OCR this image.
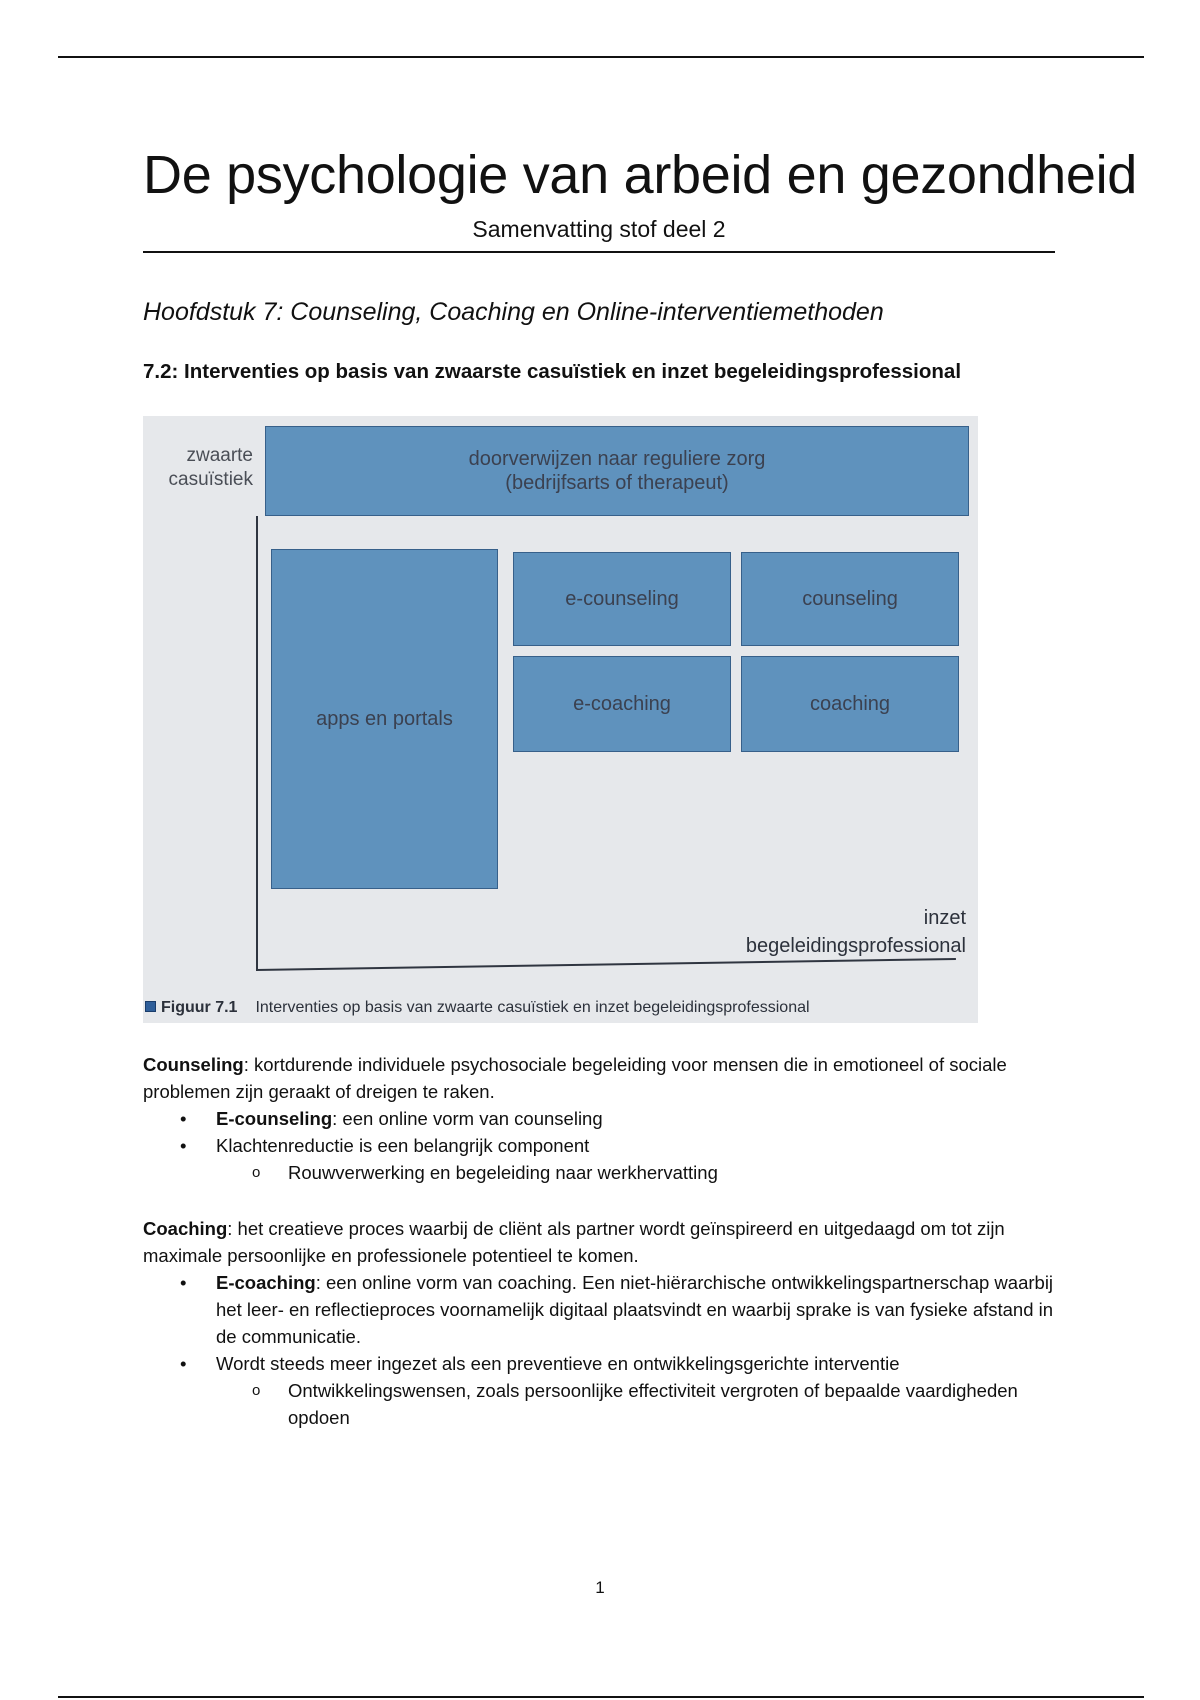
De psychologie van arbeid en gezondheid
Samenvatting stof deel 2
Hoofdstuk 7: Counseling, Coaching en Online-interventiemethoden
7.2: Interventies op basis van zwaarste casuïstiek en inzet begeleidingsprofessional
zwaarte
casuïstiek
doorverwijzen naar reguliere zorg
(bedrijfsarts of therapeut)
apps en portals
e-counseling	counseling
e-coaching	coaching
inzet
begeleidingsprofessional
Figuur 7.1 Interventies op basis van zwaarte casuïstiek en inzet begeleidingsprofessional

Counseling: kortdurende individuele psychosociale begeleiding voor mensen die in emotioneel of sociale problemen zijn geraakt of dreigen te raken.

• E-counseling: een online vorm van counseling
• Klachtenreductie is een belangrijk component
o Rouwverwerking en begeleiding naar werkhervatting

Coaching: het creatieve proces waarbij de cliënt als partner wordt geïnspireerd en uitgedaagd om tot zijn maximale persoonlijke en professionele potentieel te komen.

• E-coaching: een online vorm van coaching. Een niet-hiërarchische ontwikkelingspartnerschap waarbij het leer- en reflectieproces voornamelijk digitaal plaatsvindt en waarbij sprake is van fysieke afstand in de communicatie.
• Wordt steeds meer ingezet als een preventieve en ontwikkelingsgerichte interventie
o Ontwikkelingswensen, zoals persoonlijke effectiviteit vergroten of bepaalde vaardigheden opdoen
1
